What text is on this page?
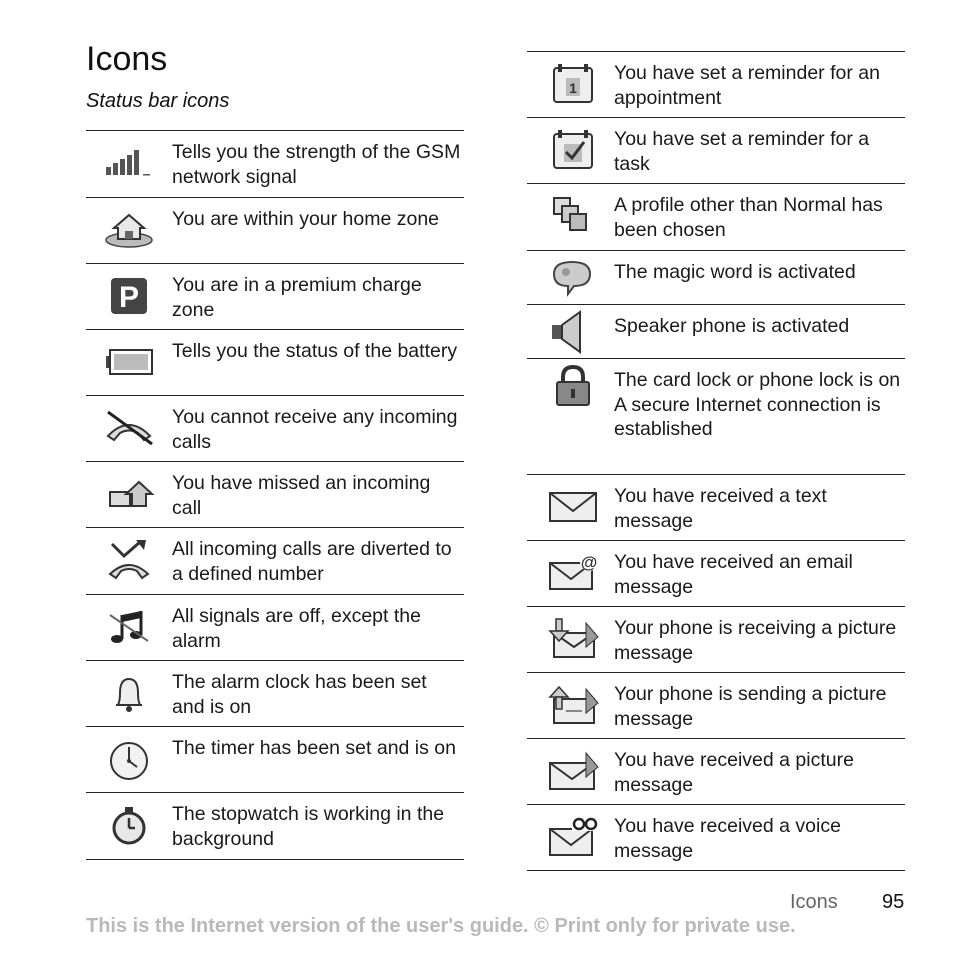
Icons
Status bar icons
Tells you the strength of the GSM network signal
You are within your home zone
P You are in a premium charge zone
Tells you the status of the battery
You cannot receive any incoming calls
You have missed an incoming call
All incoming calls are diverted to a defined number
All signals are off, except the alarm
The alarm clock has been set and is on
The timer has been set and is on
The stopwatch is working in the background
1
You have set a reminder for an appointment
You have set a reminder for a task
A profile other than Normal has been chosen
The magic word is activated
Speaker phone is activated
The card lock or phone lock is on
A secure Internet connection is established
You have received a text message
@ You have received an email message
Your phone is receiving a picture message
Your phone is sending a picture message
You have received a picture message
You have received a voice message
Icons 95
This is the Internet version of the user's guide. © Print only for private use.
